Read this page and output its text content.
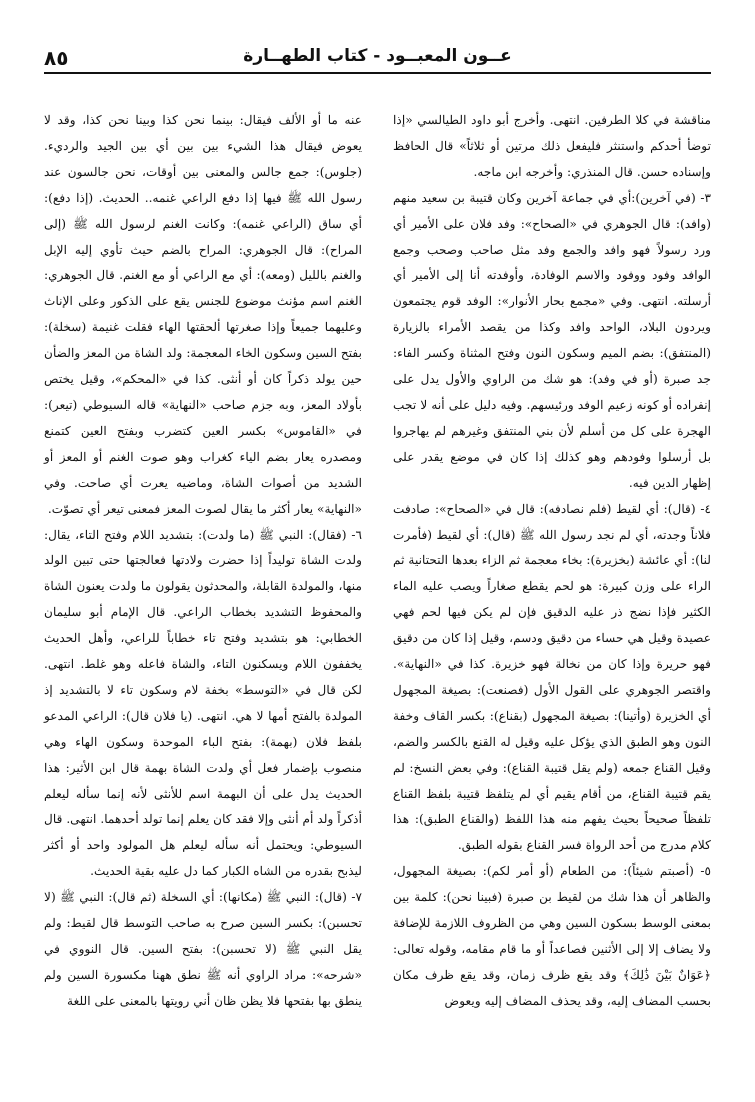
٨٥	عــون المعبــود - كتاب الطهــارة

مناقشة في كلا الطرفين. انتهى. وأخرج أبو داود الطيالسي «إذا توضأ أحدكم واستنثر فليفعل ذلك مرتين أو ثلاثاً» قال الحافظ وإسناده حسن. قال المنذري: وأخرجه ابن ماجه.

٣- (في آخرين):أي في جماعة آخرين وكان قتيبة بن سعيد منهم (وافد): قال الجوهري في «الصحاح»: وفد فلان على الأمير أي ورد رسولاً فهو وافد والجمع وفد مثل صاحب وصحب وجمع الوافد وفود ووفود والاسم الوفادة، وأوفدته أنا إلى الأمير أي أرسلته. انتهى. وفي «مجمع بحار الأنوار»: الوفد قوم يجتمعون ويردون البلاد، الواحد وافد وكذا من يقصد الأمراء بالزيارة (المنتفق): بضم الميم وسكون النون وفتح المثناة وكسر الفاء: جد صبرة (أو في وفد): هو شك من الراوي والأول يدل على إنفراده أو كونه زعيم الوفد ورئيسهم. وفيه دليل على أنه لا تجب الهجرة على كل من أسلم لأن بني المنتفق وغيرهم لم يهاجروا بل أرسلوا وفودهم وهو كذلك إذا كان في موضع يقدر على إظهار الدين فيه.

٤- (قال): أي لقيط (فلم نصادفه): قال في «الصحاح»: صادفت فلاناً وجدته، أي لم نجد رسول الله ﷺ (قال): أي لقيط (فأمرت لنا): أي عائشة (بخزيرة): بخاء معجمة ثم الزاء بعدها التحتانية ثم الراء على وزن كبيرة: هو لحم يقطع صغاراً ويصب عليه الماء الكثير فإذا نضج ذر عليه الدقيق فإن لم يكن فيها لحم فهي عصيدة وقيل هي حساء من دقيق ودسم، وقيل إذا كان من دقيق فهو حريرة وإذا كان من نخالة فهو خزيرة. كذا في «النهاية». واقتصر الجوهري على القول الأول (فصنعت): بصيغة المجهول أي الخزيرة (وأتينا): بصيغة المجهول (بقناع): بكسر القاف وخفة النون وهو الطبق الذي يؤكل عليه وقيل له القنع بالكسر والضم، وقيل القناع جمعه (ولم يقل قتيبة القناع): وفي بعض النسخ: لم يقم قتيبة القناع، من أقام يقيم أي لم يتلفظ قتيبة بلفظ القناع تلفظاً صحيحاً بحيث يفهم منه هذا اللفظ (والقناع الطبق): هذا كلام مدرج من أحد الرواة فسر القناع بقوله الطبق.

٥- (أصبتم شيئاً): من الطعام (أو أمر لكم): بصيغة المجهول، والظاهر أن هذا شك من لقيط بن صبرة (فبينا نحن): كلمة بين بمعنى الوسط بسكون السين وهي من الظروف اللازمة للإضافة ولا يضاف إلا إلى الأثنين فصاعداً أو ما قام مقامه، وقوله تعالى: ﴿عَوَانٌ بَيْنَ ذَٰلِكَ﴾ وقد يقع ظرف زمان، وقد يقع ظرف مكان بحسب المضاف إليه، وقد يحذف المضاف إليه ويعوض

عنه ما أو الألف فيقال: بينما نحن كذا وبينا نحن كذا، وقد لا يعوض فيقال هذا الشيء بين بين أي بين الجيد والرديء. (جلوس): جمع جالس والمعنى بين أوقات، نحن جالسون عند رسول الله ﷺ فيها إذا دفع الراعي غنمه.. الحديث. (إذا دفع): أي ساق (الراعي غنمه): وكانت الغنم لرسول الله ﷺ (إلى المراح): قال الجوهري: المراح بالضم حيث تأوي إليه الإبل والغنم بالليل (ومعه): أي مع الراعي أو مع الغنم. قال الجوهري: الغنم اسم مؤنث موضوع للجنس يقع على الذكور وعلى الإناث وعليهما جميعاً وإذا صغرتها ألحقتها الهاء فقلت غنيمة (سخلة): بفتح السين وسكون الخاء المعجمة: ولد الشاة من المعز والضأن حين يولد ذكراً كان أو أنثى. كذا في «المحكم»، وقيل يختص بأولاد المعز، وبه جزم صاحب «النهاية» قاله السيوطي (تيعر): في «القاموس» بكسر العين كتضرب وبفتح العين كتمنع ومصدره يعار بضم الياء كغراب وهو صوت الغنم أو المعز أو الشديد من أصوات الشاة، وماضيه يعرت أي صاحت. وفي «النهاية» يعار أكثر ما يقال لصوت المعز فمعنى تيعر أي تصوّت.

٦- (فقال): النبي ﷺ (ما ولدت): بتشديد اللام وفتح التاء، يقال: ولدت الشاة توليداً إذا حضرت ولادتها فعالجتها حتى تبين الولد منها، والمولدة القابلة، والمحدثون يقولون ما ولدت يعنون الشاة والمحفوظ التشديد بخطاب الراعي. قال الإمام أبو سليمان الخطابي: هو بتشديد وفتح تاء خطاباً للراعي، وأهل الحديث يخففون اللام ويسكنون التاء، والشاة فاعله وهو غلط. انتهى. لكن قال في «التوسط» بخفة لام وسكون تاء لا بالتشديد إذ المولدة بالفتح أمها لا هي. انتهى. (يا فلان قال): الراعي المدعو بلفظ فلان (بهمة): بفتح الباء الموحدة وسكون الهاء وهي منصوب بإضمار فعل أي ولدت الشاة بهمة قال ابن الأثير: هذا الحديث يدل على أن البهمة اسم للأنثى لأنه إنما سأله ليعلم أذكراً ولد أم أنثى وإلا فقد كان يعلم إنما تولد أحدهما. انتهى. قال السيوطي: ويحتمل أنه سأله ليعلم هل المولود واحد أو أكثر ليذبح بقدره من الشاه الكبار كما دل عليه بقية الحديث.

٧- (قال): النبي ﷺ (مكانها): أي السخلة (ثم قال): النبي ﷺ (لا تحسبن): بكسر السين صرح به صاحب التوسط قال لقيط: ولم يقل النبي ﷺ (لا تحسبن): بفتح السين. قال النووي في «شرحه»: مراد الراوي أنه ﷺ نطق ههنا مكسورة السين ولم ينطق بها بفتحها فلا يظن ظان أني رويتها بالمعنى على اللغة
